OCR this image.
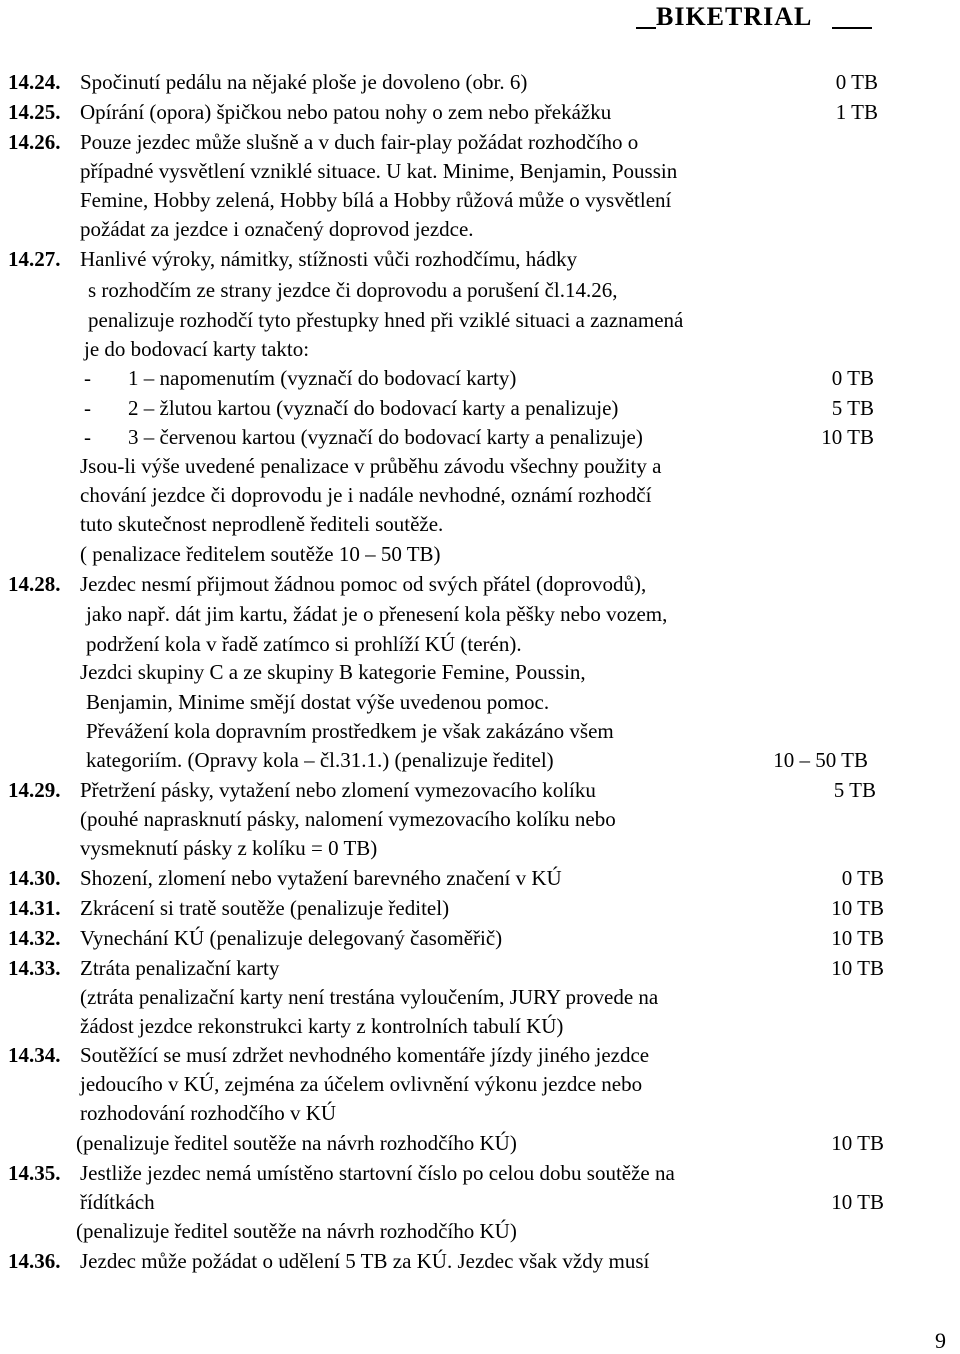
BIKETRIAL
14.24. Spočinutí pedálu na nějaké ploše je dovoleno (obr. 6)	0 TB
14.25. Opírání (opora) špičkou nebo patou nohy o zem nebo překážku	1 TB
14.26. Pouze jezdec může slušně a v duch fair-play požádat rozhodčího o
případné vysvětlení vzniklé situace. U kat. Minime, Benjamin, Poussin
Femine, Hobby zelená, Hobby bílá a Hobby růžová může o vysvětlení
požádat za jezdce i označený doprovod jezdce.
14.27. Hanlivé výroky, námitky, stížnosti vůči rozhodčímu, hádky
s rozhodčím ze strany jezdce či doprovodu a porušení čl.14.26,
penalizuje rozhodčí tyto přestupky hned při vziklé situaci a zaznamená
je do bodovací karty takto:
- 1 – napomenutím (vyznačí do bodovací karty)	0 TB
- 2 – žlutou kartou (vyznačí do bodovací karty a penalizuje)	5 TB
- 3 – červenou kartou (vyznačí do bodovací karty a penalizuje)	10 TB
Jsou-li výše uvedené penalizace v průběhu závodu všechny použity a
chování jezdce či doprovodu je i nadále nevhodné, oznámí rozhodčí
tuto skutečnost neprodleně řediteli soutěže.
( penalizace ředitelem soutěže 10 – 50 TB)
14.28. Jezdec nesmí přijmout žádnou pomoc od svých přátel (doprovodů),
jako např. dát jim kartu, žádat je o přenesení kola pěšky nebo vozem,
podržení kola v řadě zatímco si prohlíží KÚ (terén).
Jezdci skupiny C a ze skupiny B kategorie Femine, Poussin,
Benjamin, Minime smějí dostat výše uvedenou pomoc.
Převážení kola dopravním prostředkem je však zakázáno všem
kategoriím. (Opravy kola – čl.31.1.) (penalizuje ředitel)	10 – 50 TB
14.29. Přetržení pásky, vytažení nebo zlomení vymezovacího kolíku	5 TB
(pouhé naprasknutí pásky, nalomení vymezovacího kolíku nebo
vysmeknutí pásky z kolíku = 0 TB)
14.30. Shození, zlomení nebo vytažení barevného značení v KÚ	0 TB
14.31. Zkrácení si tratě soutěže (penalizuje ředitel)	10 TB
14.32. Vynechání KÚ (penalizuje delegovaný časoměřič)	10 TB
14.33. Ztráta penalizační karty	10 TB
(ztráta penalizační karty není trestána vyloučením, JURY provede na
žádost jezdce rekonstrukci karty z kontrolních tabulí KÚ)
14.34. Soutěžící se musí zdržet nevhodného komentáře jízdy jiného jezdce
jedoucího v KÚ, zejména za účelem ovlivnění výkonu jezdce nebo
rozhodování rozhodčího v KÚ
(penalizuje ředitel soutěže na návrh rozhodčího KÚ)	10 TB
14.35. Jestliže jezdec nemá umístěno startovní číslo po celou dobu soutěže na
řídítkách	10 TB
(penalizuje ředitel soutěže na návrh rozhodčího KÚ)
14.36. Jezdec může požádat o udělení 5 TB za KÚ. Jezdec však vždy musí
9
